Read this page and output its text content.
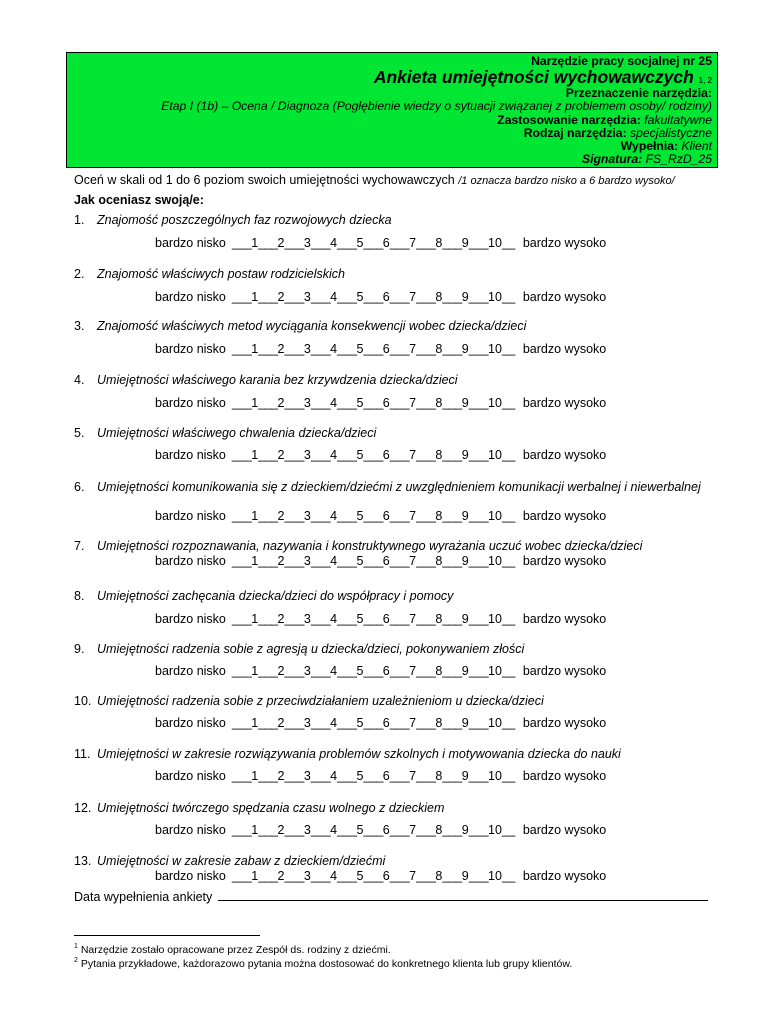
Narzędzie pracy socjalnej nr 25
Ankieta umiejętności wychowawczych $^{1, 2}$
Przeznaczenie narzędzia:
Etap I (1b) – Ocena / Diagnoza (Pogłębienie wiedzy o sytuacji związanej z problemem osoby/ rodziny)
Zastosowanie narzędzia: fakultatywne
Rodzaj narzędzia: specjalistyczne
Wypełnia: Klient
Signatura: FS_RzD_25
Oceń w skali od 1 do 6 poziom swoich umiejętności wychowawczych /1 oznacza bardzo nisko a 6 bardzo wysoko/
Jak oceniasz swoją/e:
1. Znajomość poszczególnych faz rozwojowych dziecka
bardzo nisko ___1___2___3___4___5___6___7___8___9___10__ bardzo wysoko
2. Znajomość właściwych postaw rodzicielskich
bardzo nisko ___1___2___3___4___5___6___7___8___9___10__ bardzo wysoko
3. Znajomość właściwych metod wyciągania konsekwencji wobec dziecka/dzieci
bardzo nisko ___1___2___3___4___5___6___7___8___9___10__ bardzo wysoko
4. Umiejętności właściwego karania bez krzywdzenia dziecka/dzieci
bardzo nisko ___1___2___3___4___5___6___7___8___9___10__ bardzo wysoko
5. Umiejętności właściwego chwalenia dziecka/dzieci
bardzo nisko ___1___2___3___4___5___6___7___8___9___10__ bardzo wysoko
6. Umiejętności komunikowania się z dzieckiem/dziećmi z uwzględnieniem komunikacji werbalnej i niewerbalnej
bardzo nisko ___1___2___3___4___5___6___7___8___9___10__ bardzo wysoko
7. Umiejętności rozpoznawania, nazywania i konstruktywnego wyrażania uczuć wobec dziecka/dzieci
bardzo nisko ___1___2___3___4___5___6___7___8___9___10__ bardzo wysoko
8. Umiejętności zachęcania dziecka/dzieci do współpracy i pomocy
bardzo nisko ___1___2___3___4___5___6___7___8___9___10__ bardzo wysoko
9. Umiejętności radzenia sobie z agresją u dziecka/dzieci, pokonywaniem złości
bardzo nisko ___1___2___3___4___5___6___7___8___9___10__ bardzo wysoko
10. Umiejętności radzenia sobie z przeciwdziałaniem uzależnieniom u dziecka/dzieci
bardzo nisko ___1___2___3___4___5___6___7___8___9___10__ bardzo wysoko
11. Umiejętności w zakresie rozwiązywania problemów szkolnych i motywowania dziecka do nauki
bardzo nisko ___1___2___3___4___5___6___7___8___9___10__ bardzo wysoko
12. Umiejętności twórczego spędzania czasu wolnego z dzieckiem
bardzo nisko ___1___2___3___4___5___6___7___8___9___10__ bardzo wysoko
13. Umiejętności w zakresie zabaw z dzieckiem/dziećmi
bardzo nisko ___1___2___3___4___5___6___7___8___9___10__ bardzo wysoko
Data wypełnienia ankiety
$^1$ Narzędzie zostało opracowane przez Zespół ds. rodziny z dziećmi.
$^2$ Pytania przykładowe, każdorazowo pytania można dostosować do konkretnego klienta lub grupy klientów.
